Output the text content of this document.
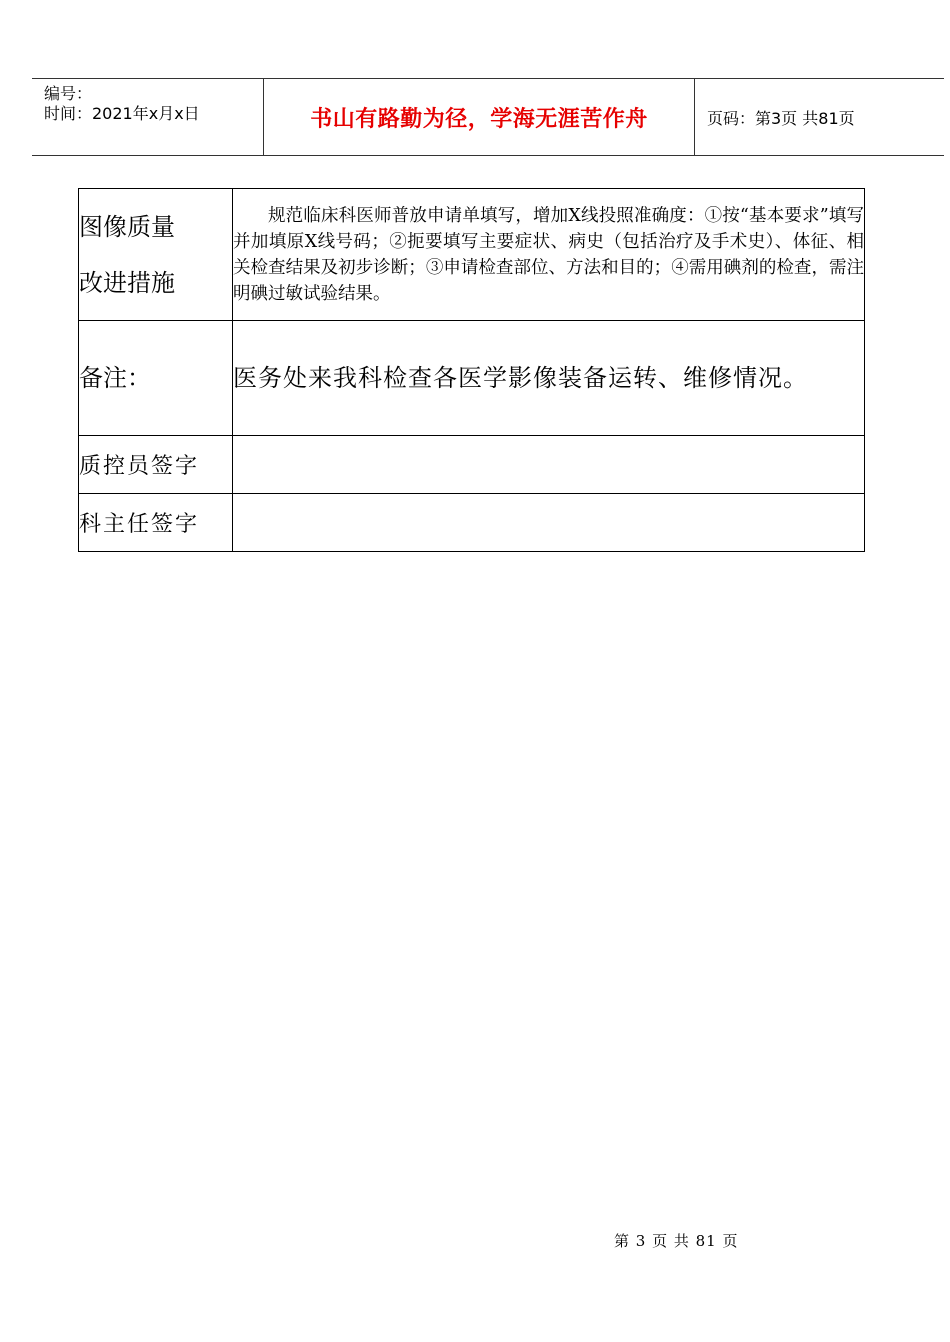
编号：
时间：2021年x月x日	书山有路勤为径，学海无涯苦作舟	页码：第3页 共81页
图像质量
改进措施	规范临床科医师普放申请单填写，增加X线投照准确度：①按“基本要求”填写并加填原X线号码；②扼要填写主要症状、病史（包括治疗及手术史）、体征、相关检查结果及初步诊断；③申请检查部位、方法和目的；④需用碘剂的检查，需注明碘过敏试验结果。
备注：	医务处来我科检查各医学影像装备运转、维修情况。
质控员签字	
科主任签字	
第 3 页 共 81 页
